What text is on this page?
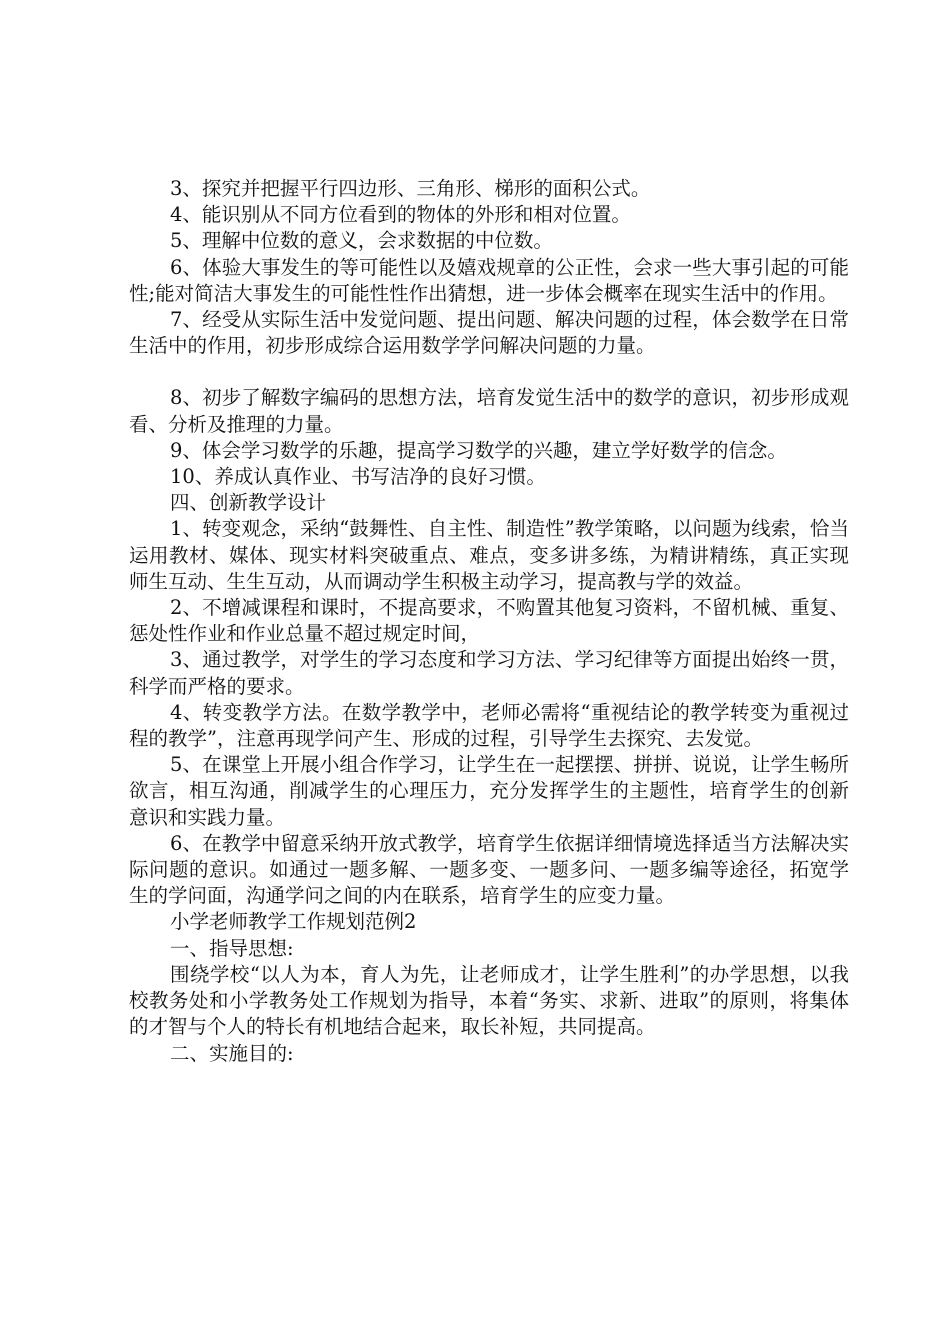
3、探究并把握平行四边形、三角形、梯形的面积公式。

4、能识别从不同方位看到的物体的外形和相对位置。

5、理解中位数的意义，会求数据的中位数。

6、体验大事发生的等可能性以及嬉戏规章的公正性，会求一些大事引起的可能性;能对简洁大事发生的可能性性作出猜想，进一步体会概率在现实生活中的作用。

7、经受从实际生活中发觉问题、提出问题、解决问题的过程，体会数学在日常生活中的作用，初步形成综合运用数学学问解决问题的力量。

8、初步了解数字编码的思想方法，培育发觉生活中的数学的意识，初步形成观看、分析及推理的力量。

9、体会学习数学的乐趣，提高学习数学的兴趣，建立学好数学的信念。

10、养成认真作业、书写洁净的良好习惯。

四、创新教学设计

1、转变观念，采纳“鼓舞性、自主性、制造性”教学策略，以问题为线索，恰当运用教材、媒体、现实材料突破重点、难点，变多讲多练，为精讲精练，真正实现师生互动、生生互动，从而调动学生积极主动学习，提高教与学的效益。

2、不增减课程和课时，不提高要求，不购置其他复习资料，不留机械、重复、惩处性作业和作业总量不超过规定时间，

3、通过教学，对学生的学习态度和学习方法、学习纪律等方面提出始终一贯，科学而严格的要求。

4、转变教学方法。在数学教学中，老师必需将“重视结论的教学转变为重视过程的教学”，注意再现学问产生、形成的过程，引导学生去探究、去发觉。

5、在课堂上开展小组合作学习，让学生在一起摆摆、拼拼、说说，让学生畅所欲言，相互沟通，削减学生的心理压力，充分发挥学生的主题性，培育学生的创新意识和实践力量。

6、在教学中留意采纳开放式教学，培育学生依据详细情境选择适当方法解决实际问题的意识。如通过一题多解、一题多变、一题多问、一题多编等途径，拓宽学生的学问面，沟通学问之间的内在联系，培育学生的应变力量。

小学老师教学工作规划范例2

一、指导思想:

围绕学校“以人为本，育人为先，让老师成才，让学生胜利”的办学思想，以我校教务处和小学教务处工作规划为指导，本着“务实、求新、进取”的原则，将集体的才智与个人的特长有机地结合起来，取长补短，共同提高。

二、实施目的:
